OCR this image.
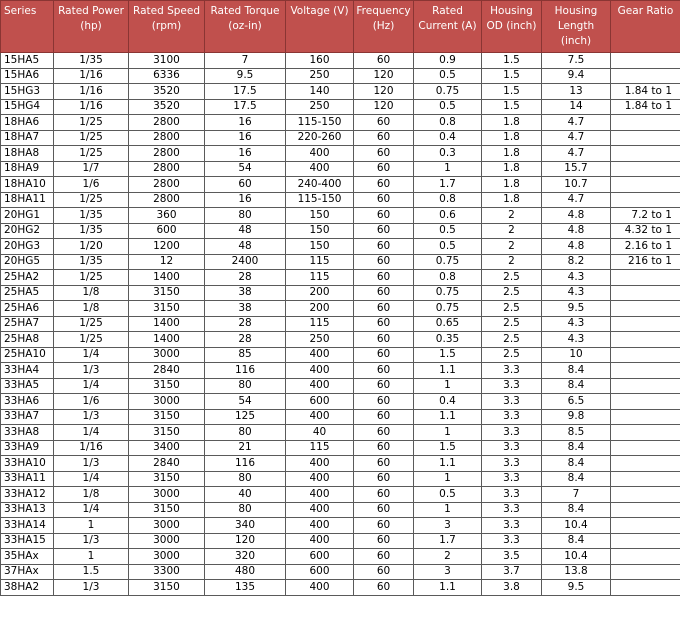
Series	Rated Power (hp)	Rated Speed (rpm)	Rated Torque (oz-in)	Voltage (V)	Frequency (Hz)	Rated Current (A)	Housing OD (inch)	Housing Length (inch)	Gear Ratio
15HA5	1/35	3100	7	160	60	0.9	1.5	7.5	
15HA6	1/16	6336	9.5	250	120	0.5	1.5	9.4	
15HG3	1/16	3520	17.5	140	120	0.75	1.5	13	1.84 to 1
15HG4	1/16	3520	17.5	250	120	0.5	1.5	14	1.84 to 1
18HA6	1/25	2800	16	115-150	60	0.8	1.8	4.7	
18HA7	1/25	2800	16	220-260	60	0.4	1.8	4.7	
18HA8	1/25	2800	16	400	60	0.3	1.8	4.7	
18HA9	1/7	2800	54	400	60	1	1.8	15.7	
18HA10	1/6	2800	60	240-400	60	1.7	1.8	10.7	
18HA11	1/25	2800	16	115-150	60	0.8	1.8	4.7	
20HG1	1/35	360	80	150	60	0.6	2	4.8	7.2 to 1
20HG2	1/35	600	48	150	60	0.5	2	4.8	4.32 to 1
20HG3	1/20	1200	48	150	60	0.5	2	4.8	2.16 to 1
20HG5	1/35	12	2400	115	60	0.75	2	8.2	216 to 1
25HA2	1/25	1400	28	115	60	0.8	2.5	4.3	
25HA5	1/8	3150	38	200	60	0.75	2.5	4.3	
25HA6	1/8	3150	38	200	60	0.75	2.5	9.5	
25HA7	1/25	1400	28	115	60	0.65	2.5	4.3	
25HA8	1/25	1400	28	250	60	0.35	2.5	4.3	
25HA10	1/4	3000	85	400	60	1.5	2.5	10	
33HA4	1/3	2840	116	400	60	1.1	3.3	8.4	
33HA5	1/4	3150	80	400	60	1	3.3	8.4	
33HA6	1/6	3000	54	600	60	0.4	3.3	6.5	
33HA7	1/3	3150	125	400	60	1.1	3.3	9.8	
33HA8	1/4	3150	80	40	60	1	3.3	8.5	
33HA9	1/16	3400	21	115	60	1.5	3.3	8.4	
33HA10	1/3	2840	116	400	60	1.1	3.3	8.4	
33HA11	1/4	3150	80	400	60	1	3.3	8.4	
33HA12	1/8	3000	40	400	60	0.5	3.3	7	
33HA13	1/4	3150	80	400	60	1	3.3	8.4	
33HA14	1	3000	340	400	60	3	3.3	10.4	
33HA15	1/3	3000	120	400	60	1.7	3.3	8.4	
35HAx	1	3000	320	600	60	2	3.5	10.4	
37HAx	1.5	3300	480	600	60	3	3.7	13.8	
38HA2	1/3	3150	135	400	60	1.1	3.8	9.5	
